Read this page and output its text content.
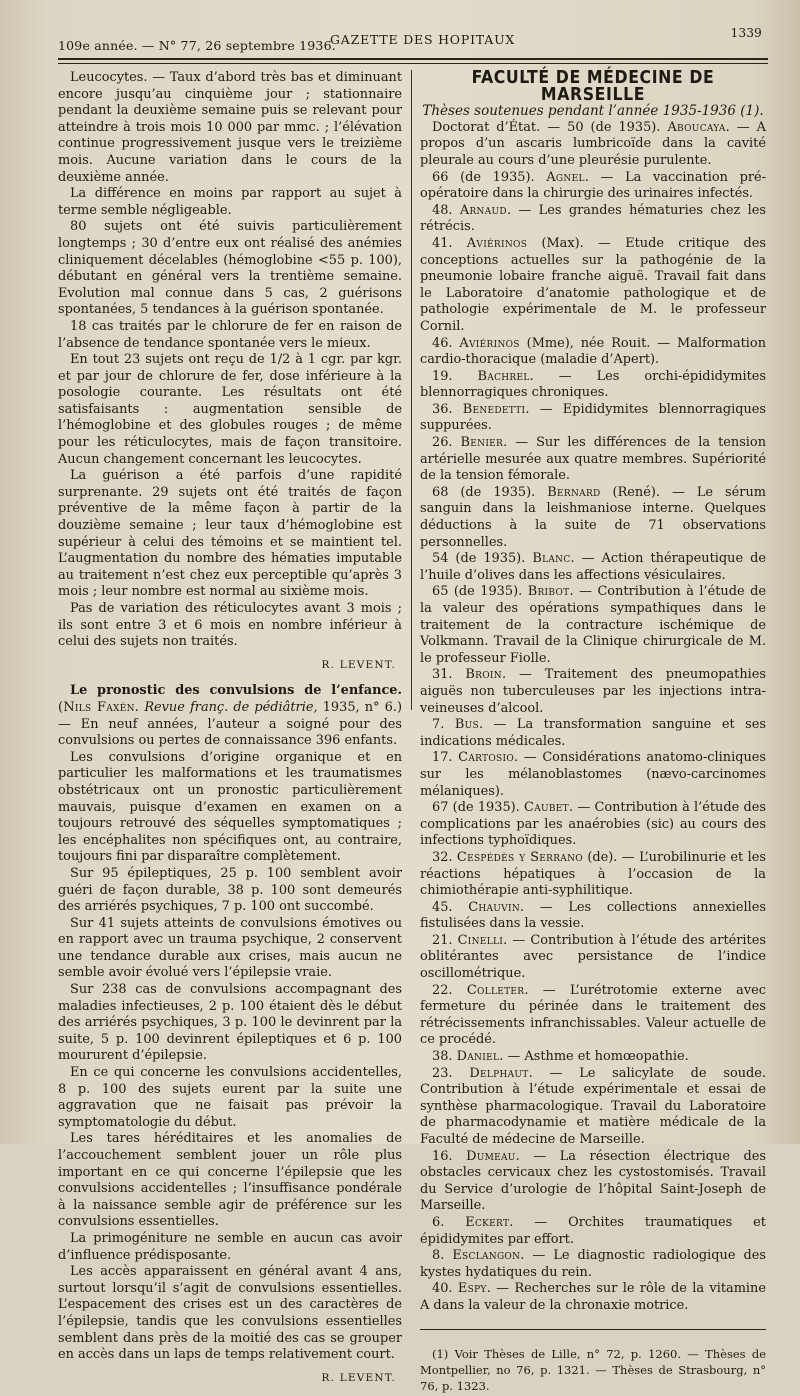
109e année. — N° 77, 26 septembre 1936.
GAZETTE DES HOPITAUX	1339

Leucocytes. — Taux d’abord très bas et diminuant encore jusqu’au cinquième jour ; stationnaire pendant la deuxième semaine puis se relevant pour atteindre à trois mois 10 000 par mmc. ; l’élévation continue progressivement jusque vers le treizième mois. Aucune variation dans le cours de la deuxième année.

La différence en moins par rapport au sujet à terme semble négligeable.

80 sujets ont été suivis particulièrement longtemps ; 30 d’entre eux ont réalisé des anémies cliniquement décelables (hémoglobine <55 p. 100), débutant en général vers la trentième semaine. Evolution mal connue dans 5 cas, 2 guérisons spontanées, 5 tendances à la guérison spontanée.

18 cas traités par le chlorure de fer en raison de l’absence de tendance spontanée vers le mieux.

En tout 23 sujets ont reçu de 1/2 à 1 cgr. par kgr. et par jour de chlorure de fer, dose inférieure à la posologie courante. Les résultats ont été satisfaisants : augmentation sensible de l’hémoglobine et des globules rouges ; de même pour les réticulocytes, mais de façon transitoire. Aucun changement concernant les leucocytes.

La guérison a été parfois d’une rapidité surprenante. 29 sujets ont été traités de façon préventive de la même façon à partir de la douzième semaine ; leur taux d’hémoglobine est supérieur à celui des témoins et se maintient tel. L’augmentation du nombre des hématies imputable au traitement n’est chez eux perceptible qu’après 3 mois ; leur nombre est normal au sixième mois.

Pas de variation des réticulocytes avant 3 mois ; ils sont entre 3 et 6 mois en nombre inférieur à celui des sujets non traités.

R. LEVENT.

Le pronostic des convulsions de l’enfance. (Nils Faxén. Revue franç. de pédiâtrie, 1935, n° 6.) — En neuf années, l’auteur a soigné pour des convulsions ou pertes de connaissance 396 enfants.

Les convulsions d’origine organique et en particulier les malformations et les traumatismes obstétricaux ont un pronostic particulièrement mauvais, puisque d’examen en examen on a toujours retrouvé des séquelles symptomatiques ; les encéphalites non spécifiques ont, au contraire, toujours fini par disparaître complètement.

Sur 95 épileptiques, 25 p. 100 semblent avoir guéri de façon durable, 38 p. 100 sont demeurés des arriérés psychiques, 7 p. 100 ont succombé.

Sur 41 sujets atteints de convulsions émotives ou en rapport avec un trauma psychique, 2 conservent une tendance durable aux crises, mais aucun ne semble avoir évolué vers l’épilepsie vraie.

Sur 238 cas de convulsions accompagnant des maladies infectieuses, 2 p. 100 étaient dès le début des arriérés psychiques, 3 p. 100 le devinrent par la suite, 5 p. 100 devinrent épileptiques et 6 p. 100 moururent d’épilepsie.

En ce qui concerne les convulsions accidentelles, 8 p. 100 des sujets eurent par la suite une aggravation que ne faisait pas prévoir la symptomatologie du début.

Les tares héréditaires et les anomalies de l’accouchement semblent jouer un rôle plus important en ce qui concerne l’épilepsie que les convulsions accidentelles ; l’insuffisance pondérale à la naissance semble agir de préférence sur les convulsions essentielles.

La primogéniture ne semble en aucun cas avoir d’influence prédisposante.

Les accès apparaissent en général avant 4 ans, surtout lorsqu’il s’agit de convulsions essentielles. L’espacement des crises est un des caractères de l’épilepsie, tandis que les convulsions essentielles semblent dans près de la moitié des cas se grouper en accès dans un laps de temps relativement court.

R. LEVENT.

FACULTÉ DE MÉDECINE DE MARSEILLE

Thèses soutenues pendant l’année 1935-1936 (1).

Doctorat d’État. — 50 (de 1935). Aboucaya. — A propos d’un ascaris lumbricoïde dans la cavité pleurale au cours d’une pleurésie purulente.

66 (de 1935). Agnel. — La vaccination pré-opératoire dans la chirurgie des urinaires infectés.

48. Arnaud. — Les grandes hématuries chez les rétrécis.

41. Aviérinos (Max). — Etude critique des conceptions actuelles sur la pathogénie de la pneumonie lobaire franche aiguë. Travail fait dans le Laboratoire d’anatomie pathologique et de pathologie expérimentale de M. le professeur Cornil.

46. Aviérinos (Mme), née Rouit. — Malformation cardio-thoracique (maladie d’Apert).

19. Bachrel. — Les orchi-épididymites blennorragiques chroniques.

36. Benedetti. — Epididymites blennorragiques suppurées.

26. Benier. — Sur les différences de la tension artérielle mesurée aux quatre membres. Supériorité de la tension fémorale.

68 (de 1935). Bernard (René). — Le sérum sanguin dans la leishmaniose interne. Quelques déductions à la suite de 71 observations personnelles.

54 (de 1935). Blanc. — Action thérapeutique de l’huile d’olives dans les affections vésiculaires.

65 (de 1935). Bribot. — Contribution à l’étude de la valeur des opérations sympathiques dans le traitement de la contracture ischémique de Volkmann. Travail de la Clinique chirurgicale de M. le professeur Fiolle.

31. Broin. — Traitement des pneumopathies aiguës non tuberculeuses par les injections intra-veineuses d’alcool.

7. Bus. — La transformation sanguine et ses indications médicales.

17. Cartosio. — Considérations anatomo-cliniques sur les mélanoblastomes (nævo-carcinomes mélaniques).

67 (de 1935). Caubet. — Contribution à l’étude des complications par les anaérobies (sic) au cours des infections typhoïdiques.

32. Cespédès y Serrano (de). — L’urobilinurie et les réactions hépatiques à l’occasion de la chimiothérapie anti-syphilitique.

45. Chauvin. — Les collections annexielles fistulisées dans la vessie.

21. Cinelli. — Contribution à l’étude des artérites oblitérantes avec persistance de l’indice oscillométrique.

22. Colleter. — L’urétrotomie externe avec fermeture du périnée dans le traitement des rétrécissements infranchissables. Valeur actuelle de ce procédé.

38. Daniel. — Asthme et homœopathie.

23. Delphaut. — Le salicylate de soude. Contribution à l’étude expérimentale et essai de synthèse pharmacologique. Travail du Laboratoire de pharmacodynamie et matière médicale de la Faculté de médecine de Marseille.

16. Dumeau. — La résection électrique des obstacles cervicaux chez les cystostomisés. Travail du Service d’urologie de l’hôpital Saint-Joseph de Marseille.

6. Eckert. — Orchites traumatiques et épididymites par effort.

8. Esclangon. — Le diagnostic radiologique des kystes hydatiques du rein.

40. Espy. — Recherches sur le rôle de la vitamine A dans la valeur de la chronaxie motrice.

(1) Voir Thèses de Lille, n° 72, p. 1260. — Thèses de Montpellier, no 76, p. 1321. — Thèses de Strasbourg, n° 76, p. 1323.
